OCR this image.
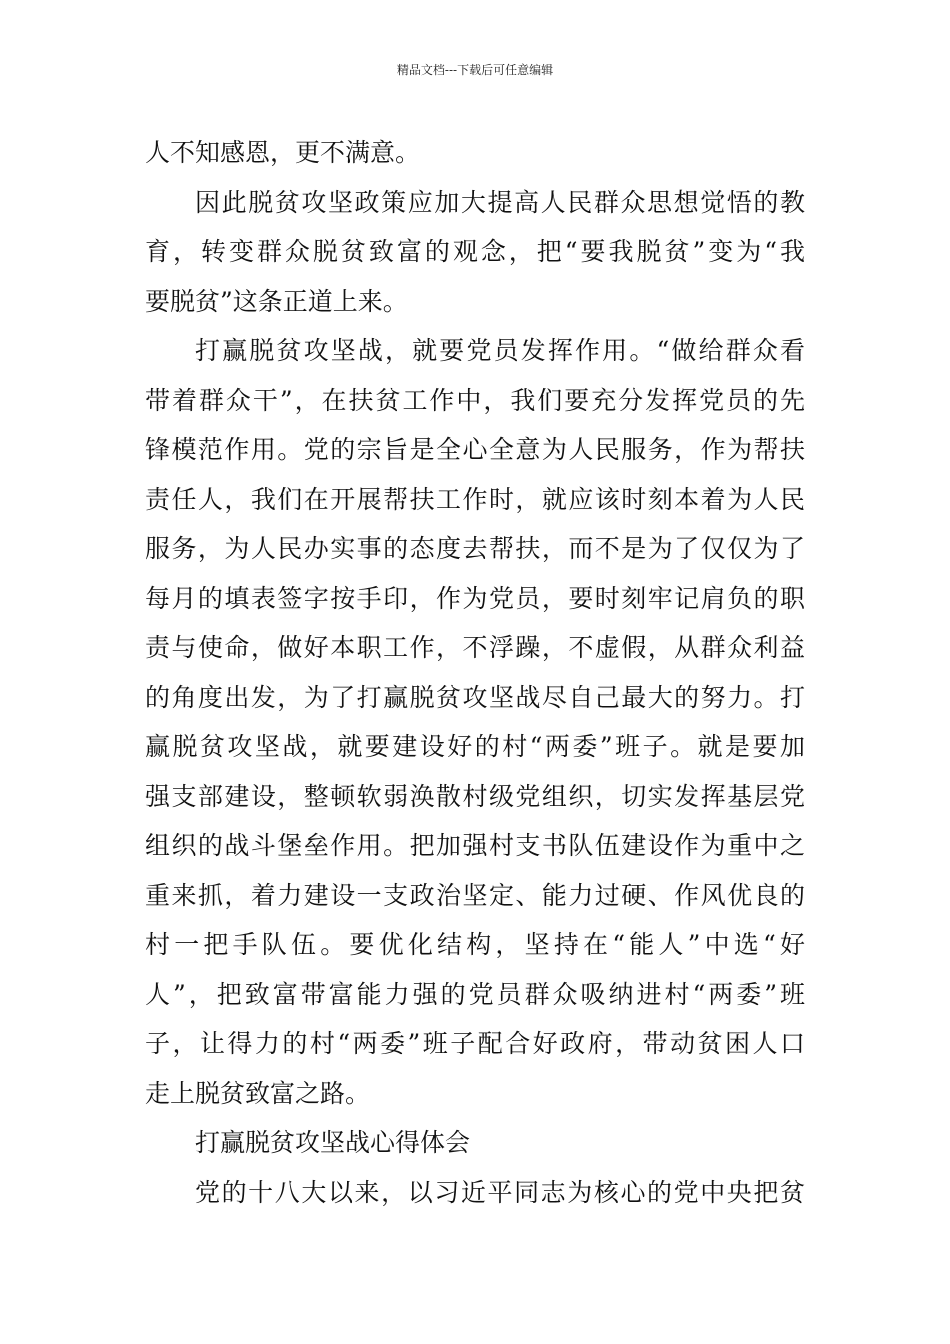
精品文档---下载后可任意编辑
人不知感恩，更不满意。
因此脱贫攻坚政策应加大提高人民群众思想觉悟的教
育，转变群众脱贫致富的观念，把“要我脱贫”变为“我
要脱贫”这条正道上来。
打赢脱贫攻坚战，就要党员发挥作用。“做给群众看
带着群众干”，在扶贫工作中，我们要充分发挥党员的先
锋模范作用。党的宗旨是全心全意为人民服务，作为帮扶
责任人，我们在开展帮扶工作时，就应该时刻本着为人民
服务，为人民办实事的态度去帮扶，而不是为了仅仅为了
每月的填表签字按手印，作为党员，要时刻牢记肩负的职
责与使命，做好本职工作，不浮躁，不虚假，从群众利益
的角度出发，为了打赢脱贫攻坚战尽自己最大的努力。打
赢脱贫攻坚战，就要建设好的村“两委”班子。就是要加
强支部建设，整顿软弱涣散村级党组织，切实发挥基层党
组织的战斗堡垒作用。把加强村支书队伍建设作为重中之
重来抓，着力建设一支政治坚定、能力过硬、作风优良的
村一把手队伍。要优化结构，坚持在“能人”中选“好
人”，把致富带富能力强的党员群众吸纳进村“两委”班
子，让得力的村“两委”班子配合好政府，带动贫困人口
走上脱贫致富之路。
打赢脱贫攻坚战心得体会
党的十八大以来，以习近平同志为核心的党中央把贫
